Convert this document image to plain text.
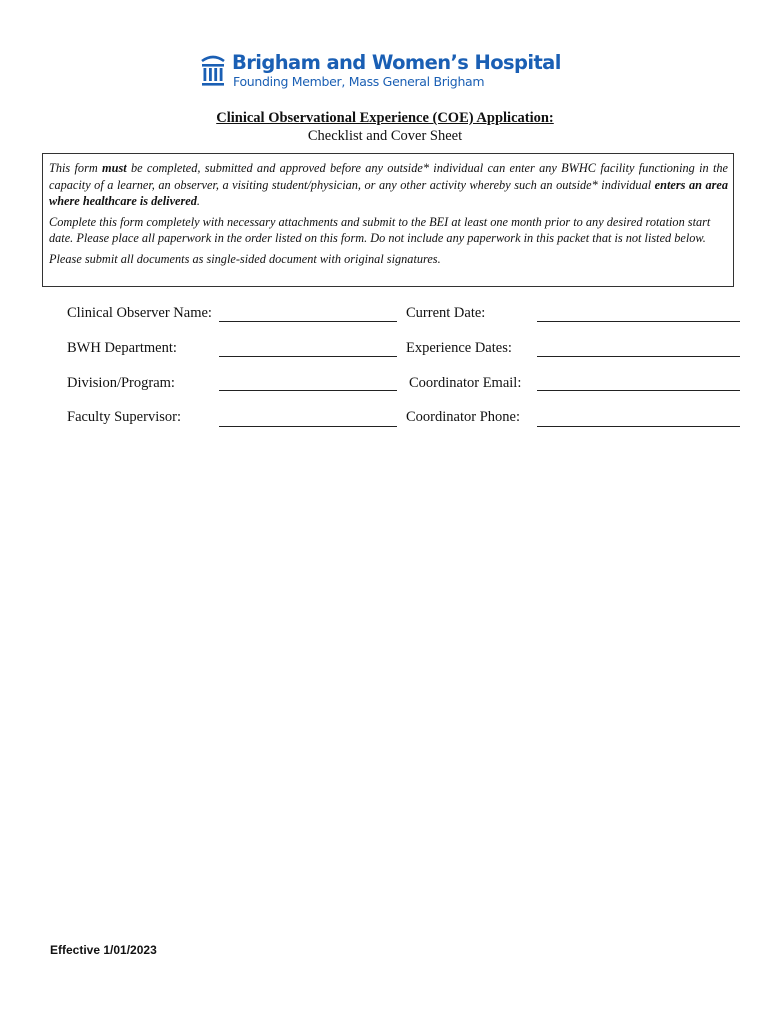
Brigham and Women’s Hospital
Founding Member, Mass General Brigham
Clinical Observational Experience (COE) Application:
Checklist and Cover Sheet

This form must be completed, submitted and approved before any outside* individual can enter any BWHC facility functioning in the capacity of a learner, an observer, a visiting student/physician, or any other activity whereby such an outside* individual enters an area where healthcare is delivered.

Complete this form completely with necessary attachments and submit to the BEI at least one month prior to any desired rotation start date. Please place all paperwork in the order listed on this form. Do not include any paperwork in this packet that is not listed below.

Please submit all documents as single-sided document with original signatures.

Clinical Observer Name:	Current Date:
BWH Department:	Experience Dates:
Division/Program:	Coordinator Email:
Faculty Supervisor:	Coordinator Phone:
Effective 1/01/2023
